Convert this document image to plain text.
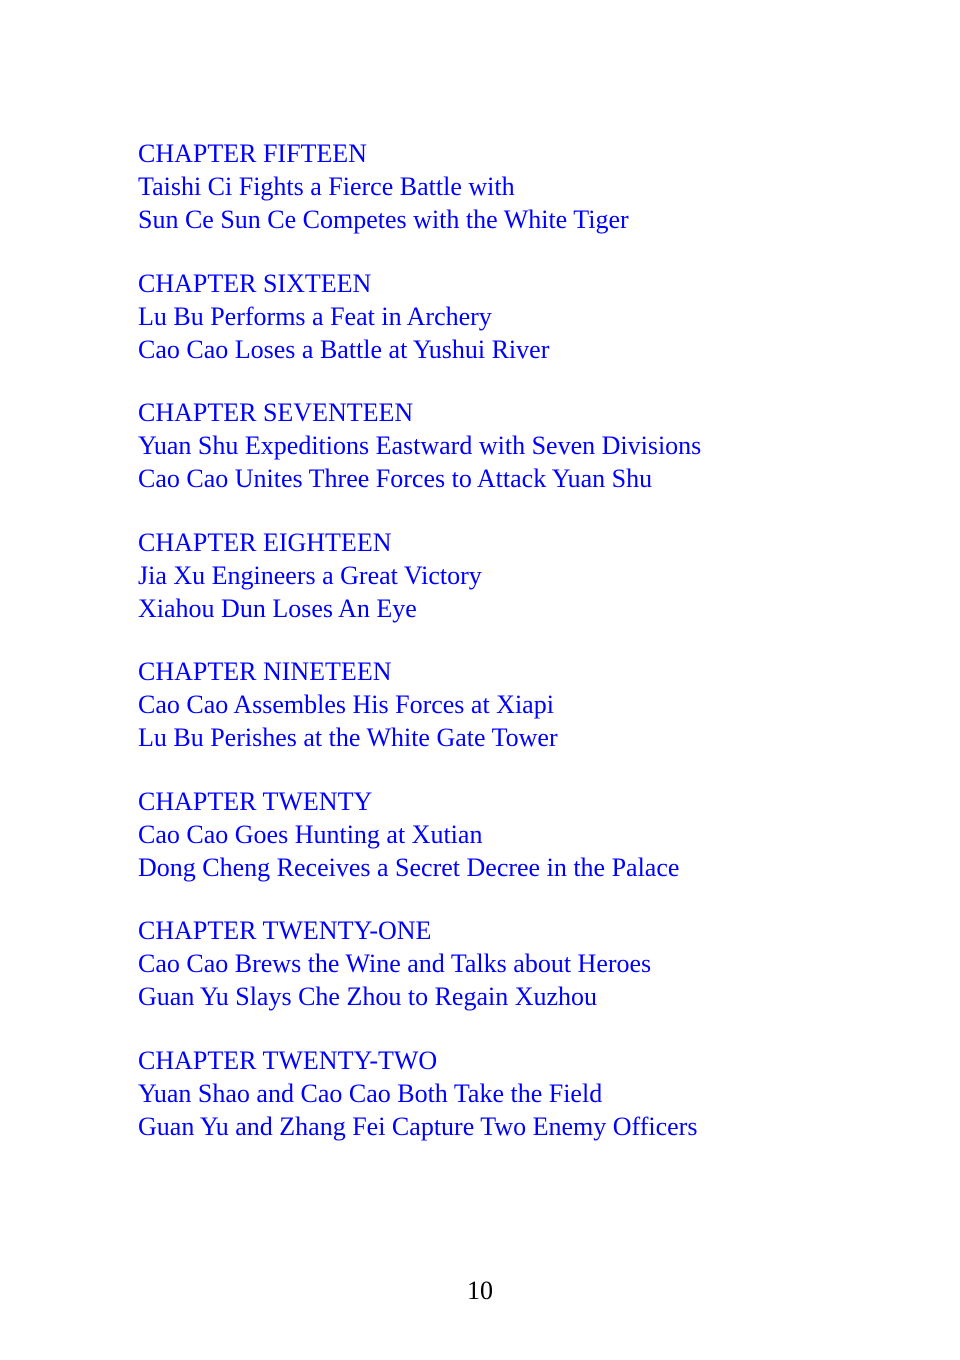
CHAPTER FIFTEEN
Taishi Ci Fights a Fierce Battle with
Sun Ce Sun Ce Competes with the White Tiger
CHAPTER SIXTEEN
Lu Bu Performs a Feat in Archery
Cao Cao Loses a Battle at Yushui River
CHAPTER SEVENTEEN
Yuan Shu Expeditions Eastward with Seven Divisions
Cao Cao Unites Three Forces to Attack Yuan Shu
CHAPTER EIGHTEEN
Jia Xu Engineers a Great Victory
Xiahou Dun Loses An Eye
CHAPTER NINETEEN
Cao Cao Assembles His Forces at Xiapi
Lu Bu Perishes at the White Gate Tower
CHAPTER TWENTY
Cao Cao Goes Hunting at Xutian
Dong Cheng Receives a Secret Decree in the Palace
CHAPTER TWENTY-ONE
Cao Cao Brews the Wine and Talks about Heroes
Guan Yu Slays Che Zhou to Regain Xuzhou
CHAPTER TWENTY-TWO
Yuan Shao and Cao Cao Both Take the Field
Guan Yu and Zhang Fei Capture Two Enemy Officers
10
